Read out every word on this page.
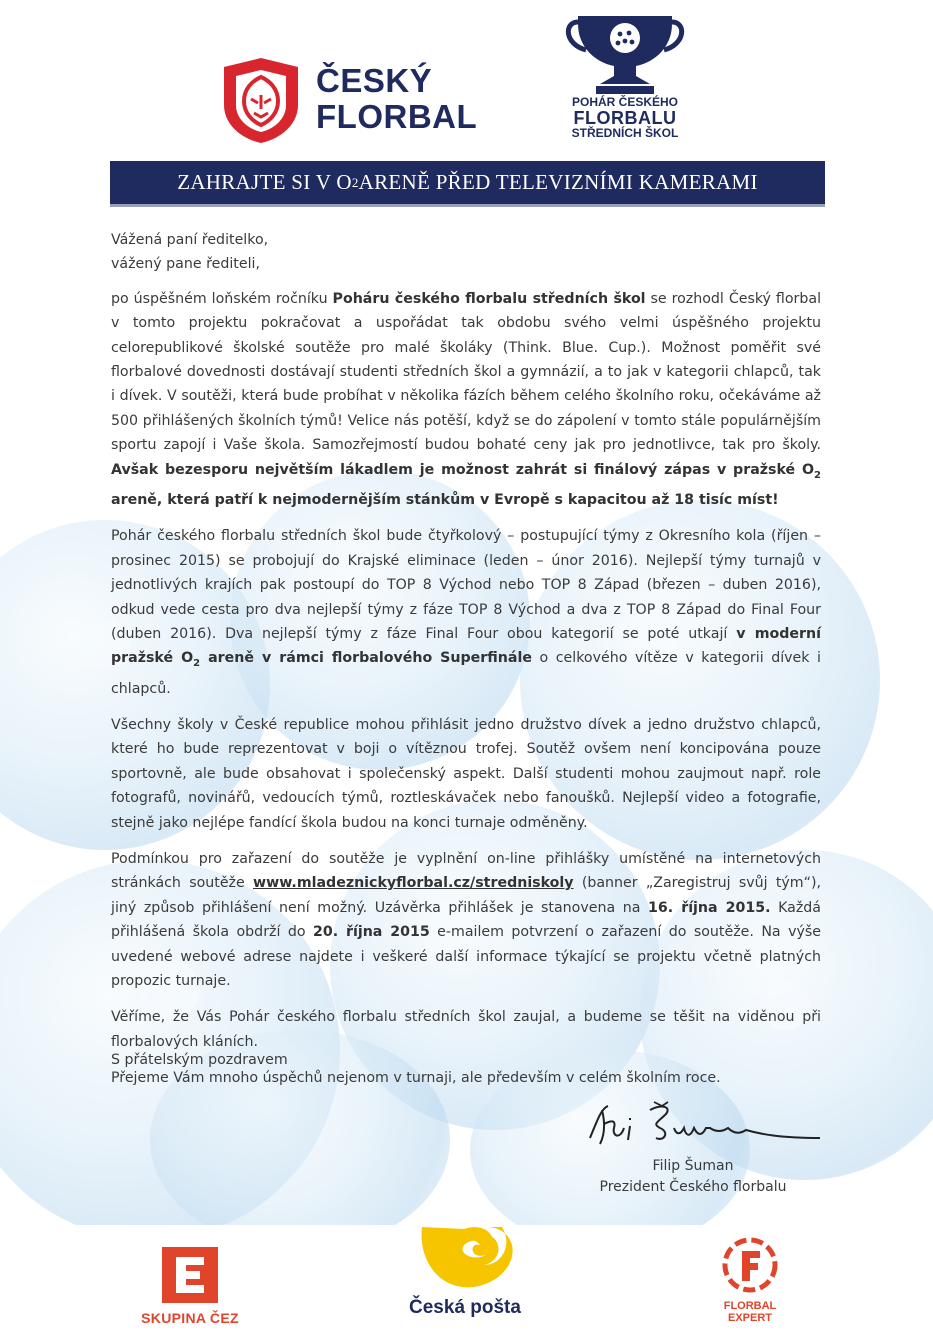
ČESKÝ
FLORBAL	POHÁR ČESKÉHO
FLORBALU
STŘEDNÍCH ŠKOL
ZAHRAJTE SI V O 2 ARENĚ PŘED TELEVIZNÍMI KAMERAMI
Vážená paní ředitelko,
vážený pane řediteli,

po úspěšném loňském ročníku Poháru českého florbalu středních škol se rozhodl Český florbal v tomto projektu pokračovat a uspořádat tak obdobu svého velmi úspěšného projektu celorepublikové školské soutěže pro malé školáky (Think. Blue. Cup.). Možnost poměřit své florbalové dovednosti dostávají studenti středních škol a gymnázií, a to jak v kategorii chlapců, tak i dívek. V soutěži, která bude probíhat v několika fázích během celého školního roku, očekáváme až 500 přihlášených školních týmů! Velice nás potěší, když se do zápolení v tomto stále populárnějším sportu zapojí i Vaše škola. Samozřejmostí budou bohaté ceny jak pro jednotlivce, tak pro školy. Avšak bezesporu největším lákadlem je možnost zahrát si finálový zápas v pražské $O_2$ areně, která patří k nejmodernějším stánkům v Evropě s kapacitou až 18 tisíc míst!

Pohár českého florbalu středních škol bude čtyřkolový – postupující týmy z Okresního kola (říjen – prosinec 2015) se probojují do Krajské eliminace (leden – únor 2016). Nejlepší týmy turnajů v jednotlivých krajích pak postoupí do TOP 8 Východ nebo TOP 8 Západ (březen – duben 2016), odkud vede cesta pro dva nejlepší týmy z fáze TOP 8 Východ a dva z TOP 8 Západ do Final Four (duben 2016). Dva nejlepší týmy z fáze Final Four obou kategorií se poté utkají v moderní pražské $O_2$ areně v rámci florbalového Superfinále o celkového vítěze v kategorii dívek i chlapců.

Všechny školy v České republice mohou přihlásit jedno družstvo dívek a jedno družstvo chlapců, které ho bude reprezentovat v boji o vítěznou trofej. Soutěž ovšem není koncipována pouze sportovně, ale bude obsahovat i společenský aspekt. Další studenti mohou zaujmout např. role fotografů, novinářů, vedoucích týmů, roztleskávaček nebo fanoušků. Nejlepší video a fotografie, stejně jako nejlépe fandící škola budou na konci turnaje odměněny.

Podmínkou pro zařazení do soutěže je vyplnění on-line přihlášky umístěné na internetových stránkách soutěže www.mladeznickyflorbal.cz/stredniskoly (banner „Zaregistruj svůj tým“), jiný způsob přihlášení není možný. Uzávěrka přihlášek je stanovena na 16. října 2015. Každá přihlášená škola obdrží do 20. října 2015 e-mailem potvrzení o zařazení do soutěže. Na výše uvedené webové adrese najdete i veškeré další informace týkající se projektu včetně platných propozic turnaje.

Věříme, že Vás Pohár českého florbalu středních škol zaujal, a budeme se těšit na viděnou při florbalových kláních.

Přejeme Vám mnoho úspěchů nejenom v turnaji, ale především v celém školním roce.

S přátelským pozdravem
Filip Šuman
Prezident Českého florbalu
SKUPINA ČEZ	Česká pošta	FLORBAL
EXPERT
